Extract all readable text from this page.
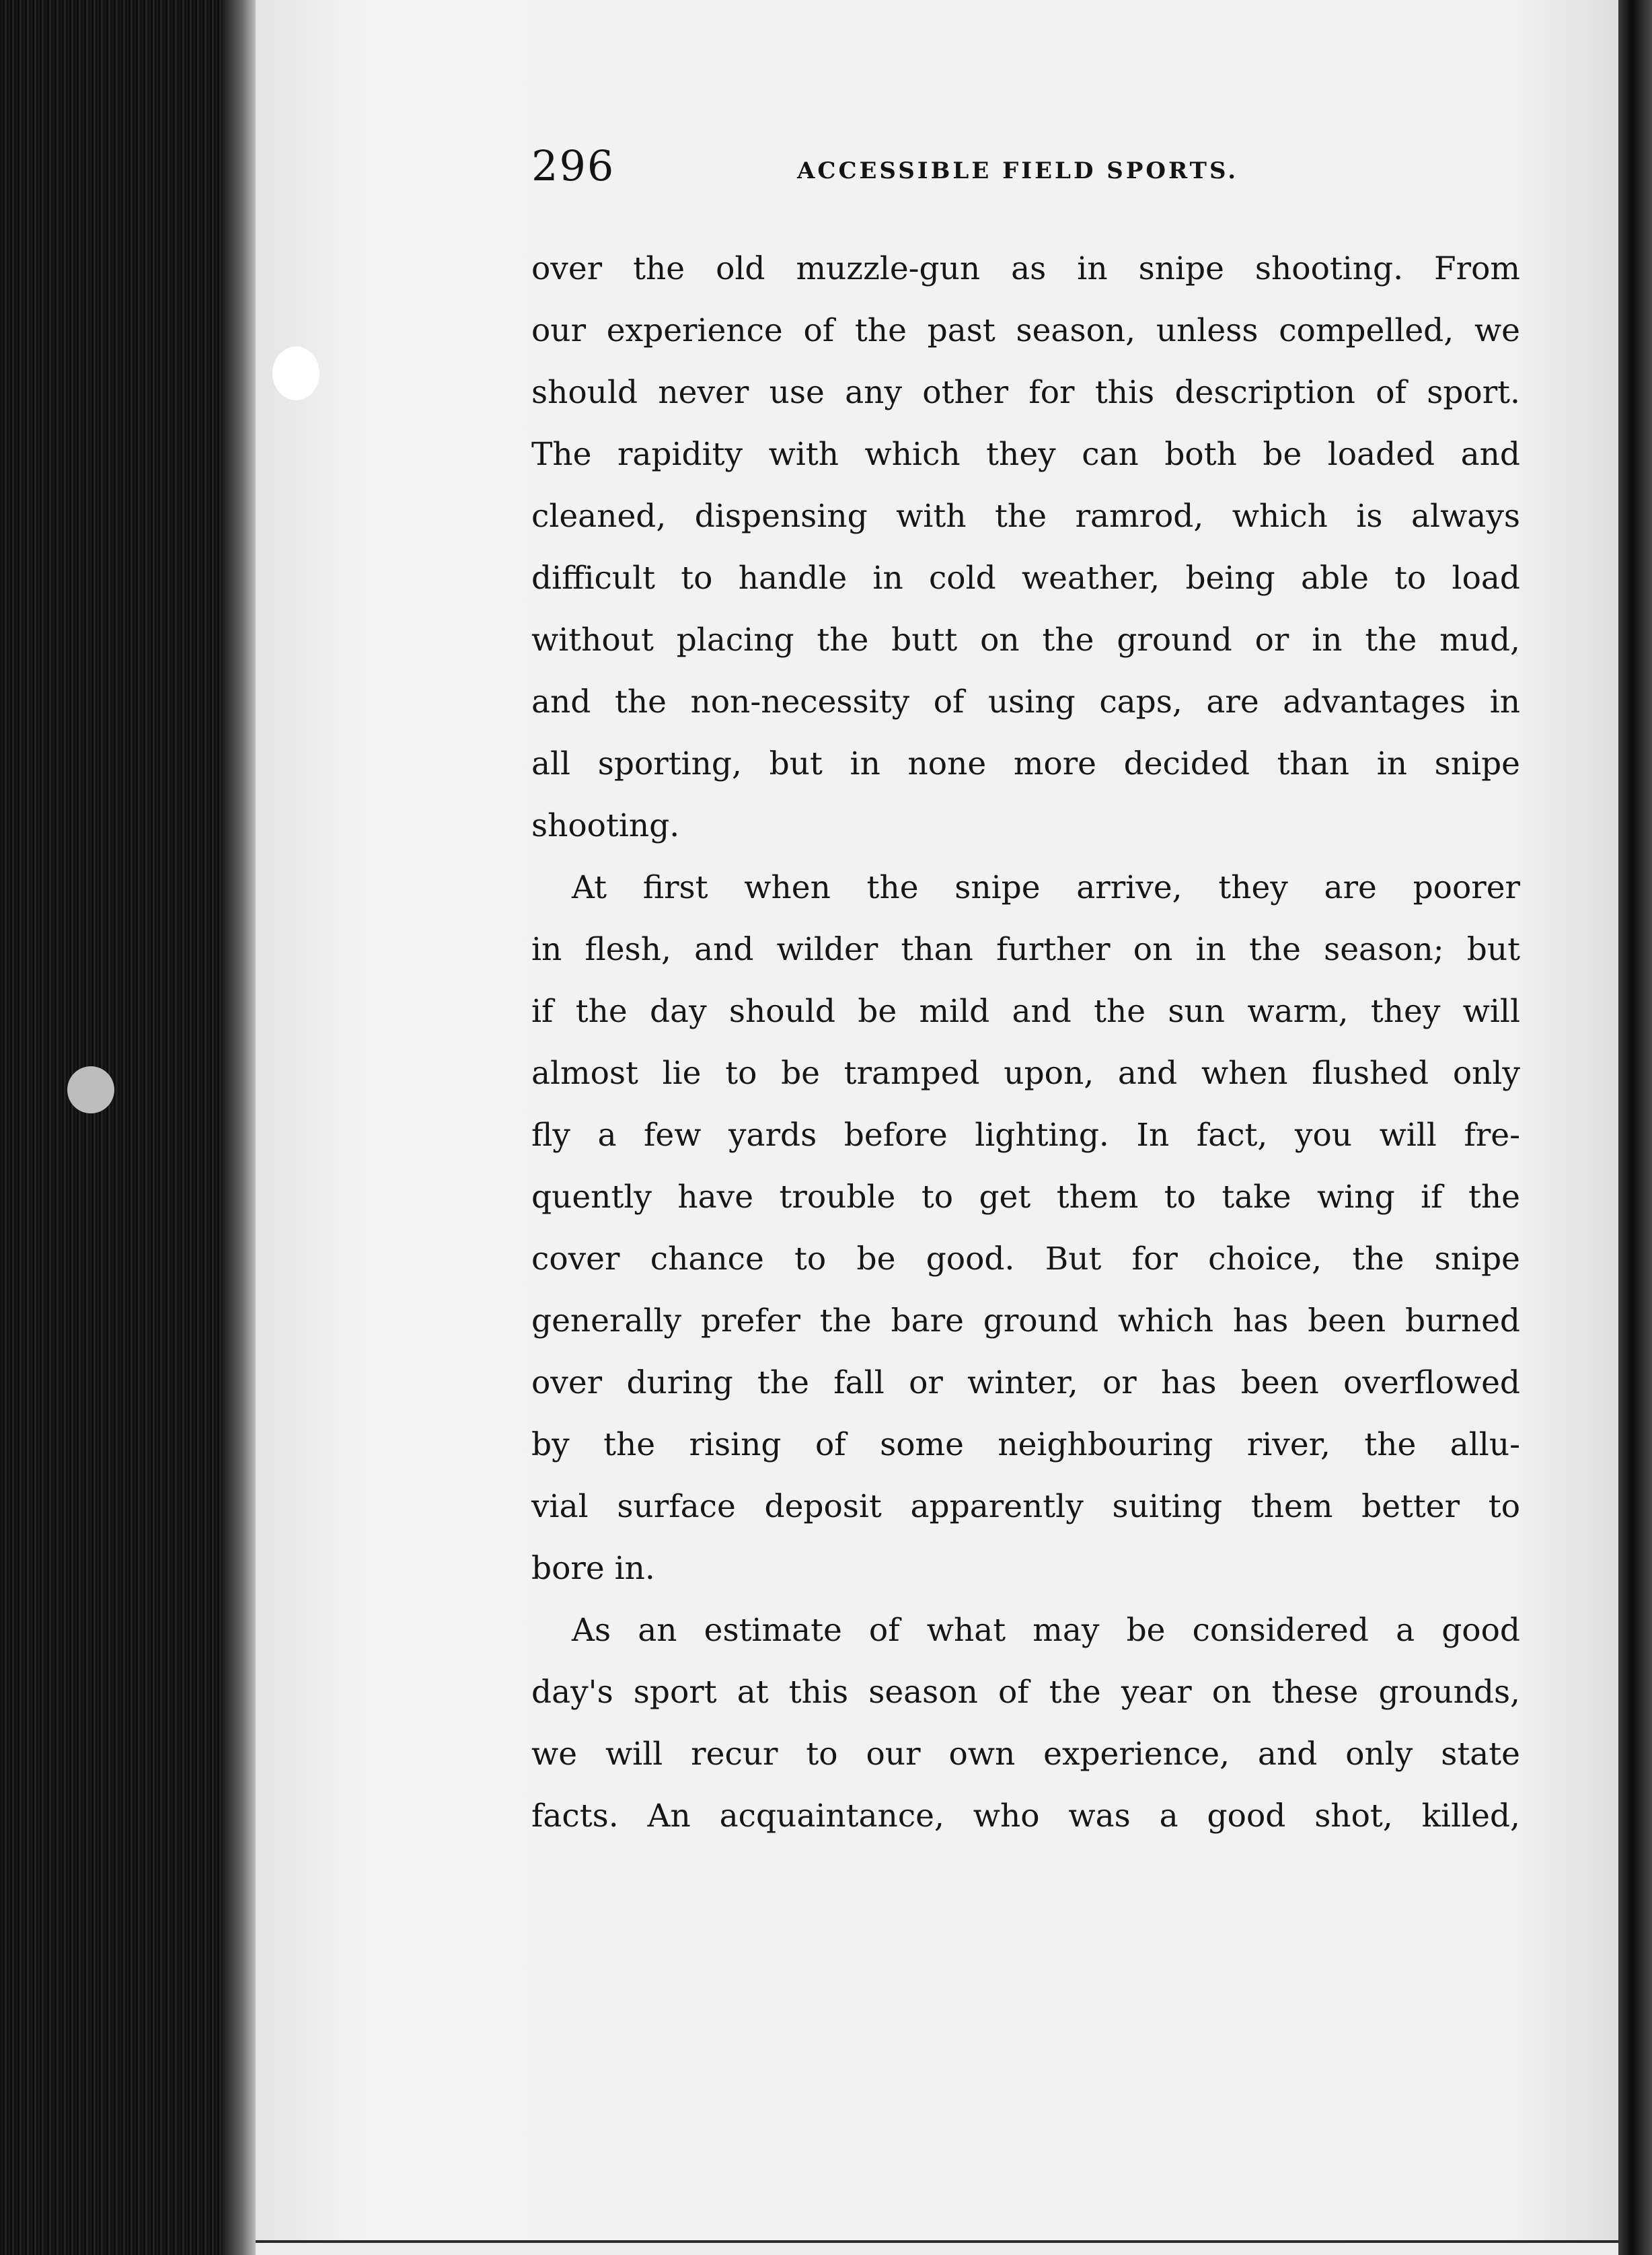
296	ACCESSIBLE FIELD SPORTS.

over the old muzzle-gun as in snipe shooting. From
our experience of the past season, unless compelled, we
should never use any other for this description of sport.
The rapidity with which they can both be loaded and
cleaned, dispensing with the ramrod, which is always
difficult to handle in cold weather, being able to load
without placing the butt on the ground or in the mud,
and the non-necessity of using caps, are advantages in
all sporting, but in none more decided than in snipe
shooting.

At first when the snipe arrive, they are poorer
in flesh, and wilder than further on in the season; but
if the day should be mild and the sun warm, they will
almost lie to be tramped upon, and when flushed only
fly a few yards before lighting. In fact, you will fre-
quently have trouble to get them to take wing if the
cover chance to be good. But for choice, the snipe
generally prefer the bare ground which has been burned
over during the fall or winter, or has been overflowed
by the rising of some neighbouring river, the allu-
vial surface deposit apparently suiting them better to
bore in.

As an estimate of what may be considered a good
day's sport at this season of the year on these grounds,
we will recur to our own experience, and only state
facts. An acquaintance, who was a good shot, killed,
